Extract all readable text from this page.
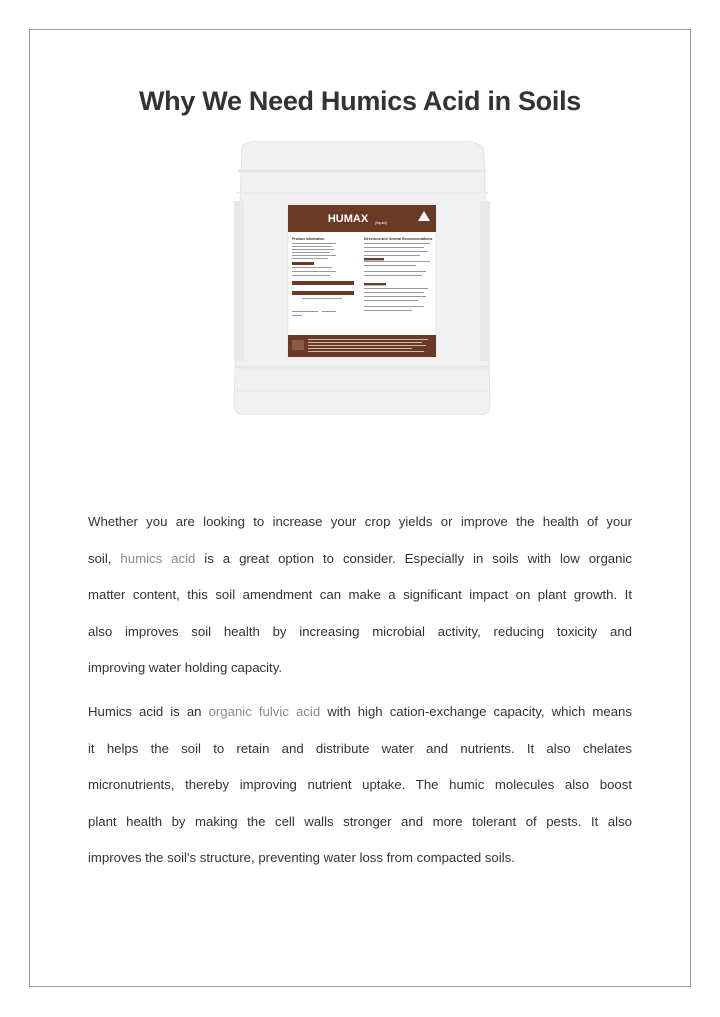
Why We Need Humics Acid in Soils
HUMAX (liquid)
Product Information	Directions and General Recommendations
Whether you are looking to increase your crop yields or improve the health of your
soil, humics acid is a great option to consider. Especially in soils with low organic
matter content, this soil amendment can make a significant impact on plant growth. It
also improves soil health by increasing microbial activity, reducing toxicity and
improving water holding capacity.
Humics acid is an organic fulvic acid with high cation-exchange capacity, which means
it helps the soil to retain and distribute water and nutrients. It also chelates
micronutrients, thereby improving nutrient uptake. The humic molecules also boost
plant health by making the cell walls stronger and more tolerant of pests. It also
improves the soil's structure, preventing water loss from compacted soils.
